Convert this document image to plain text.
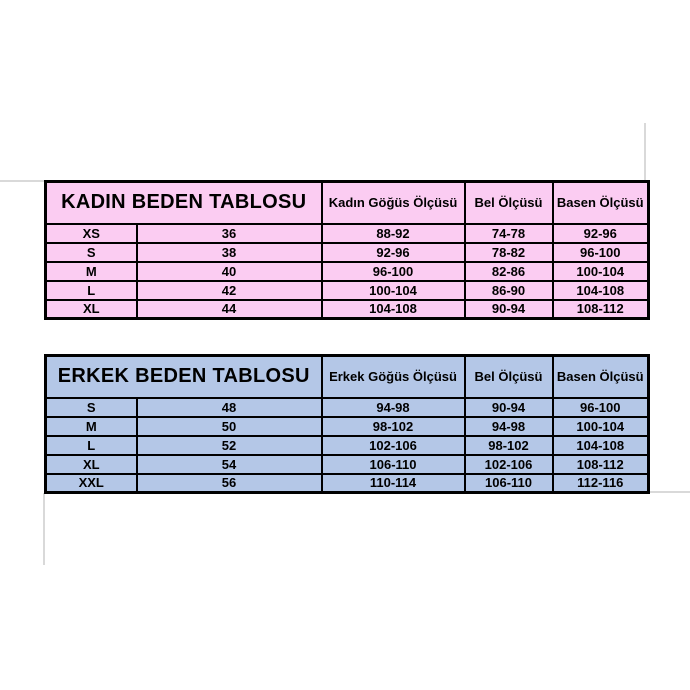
KADIN BEDEN TABLOSU		Kadın Göğüs Ölçüsü	Bel Ölçüsü	Basen Ölçüsü
XS	36	88-92	74-78	92-96
S	38	92-96	78-82	96-100
M	40	96-100	82-86	100-104
L	42	100-104	86-90	104-108
XL	44	104-108	90-94	108-112
ERKEK BEDEN TABLOSU		Erkek Göğüs Ölçüsü	Bel Ölçüsü	Basen Ölçüsü
S	48	94-98	90-94	96-100
M	50	98-102	94-98	100-104
L	52	102-106	98-102	104-108
XL	54	106-110	102-106	108-112
XXL	56	110-114	106-110	112-116
